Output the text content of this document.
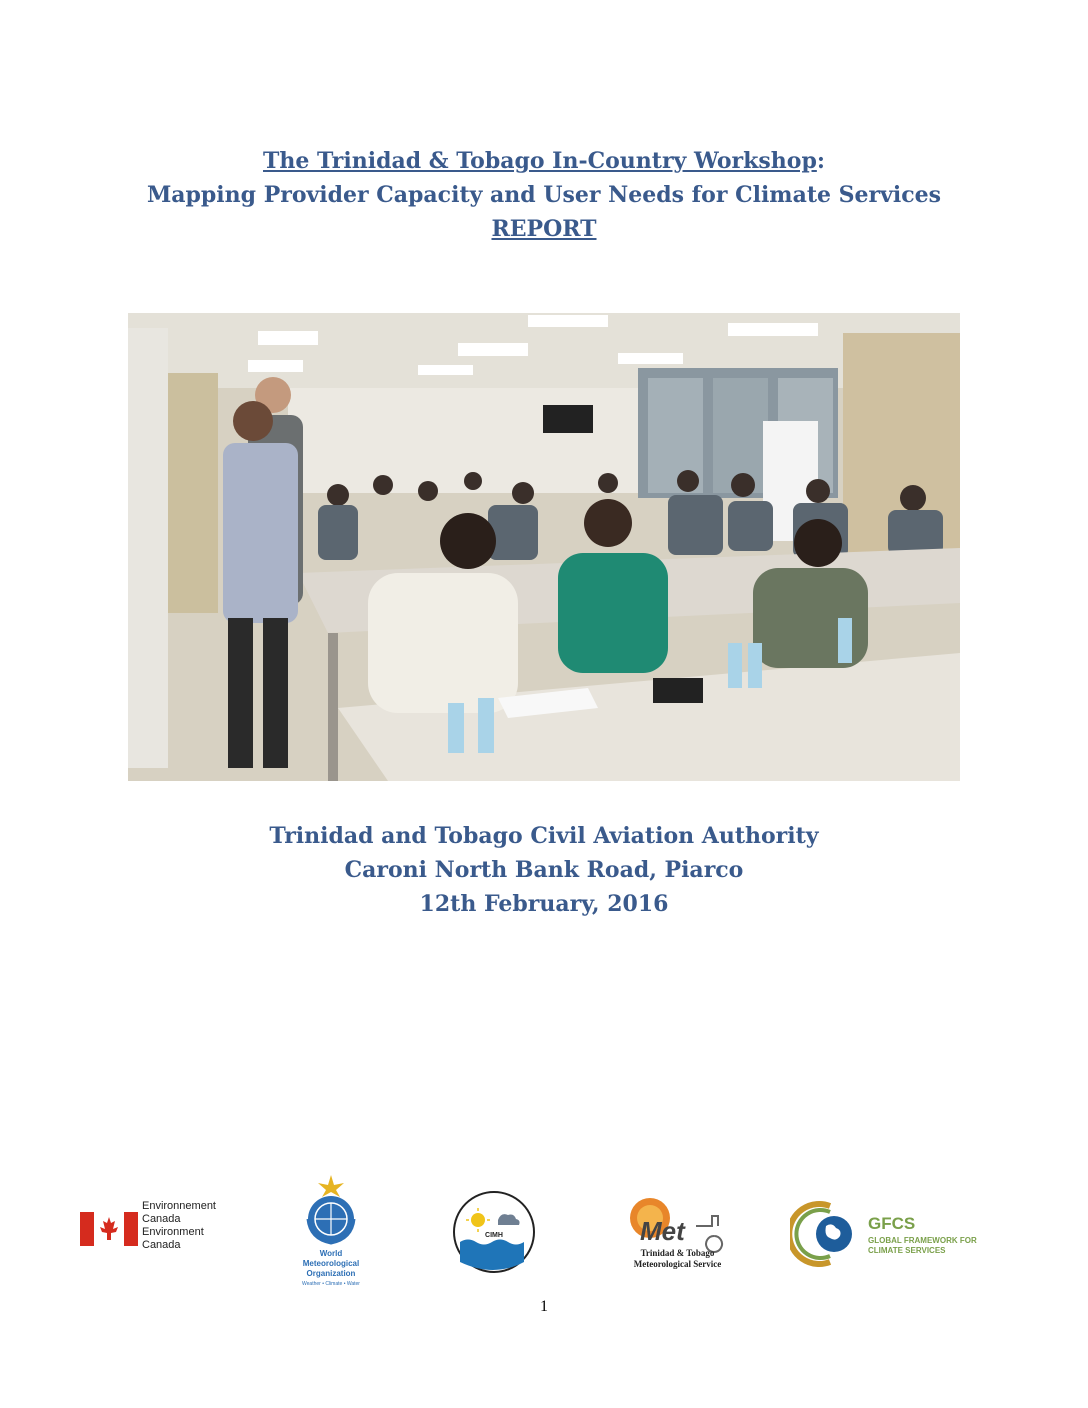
The Trinidad & Tobago In-Country Workshop:
Mapping Provider Capacity and User Needs for Climate Services
REPORT
Trinidad and Tobago Civil Aviation Authority
Caroni North Bank Road, Piarco
12th February, 2016
Environnement
Canada
Environment
Canada
World
Meteorological
Organization
Weather • Climate • Water
CIMH	Met
Trinidad & Tobago
Meteorological Service
GFCS
GLOBAL FRAMEWORK FOR
CLIMATE SERVICES
1
